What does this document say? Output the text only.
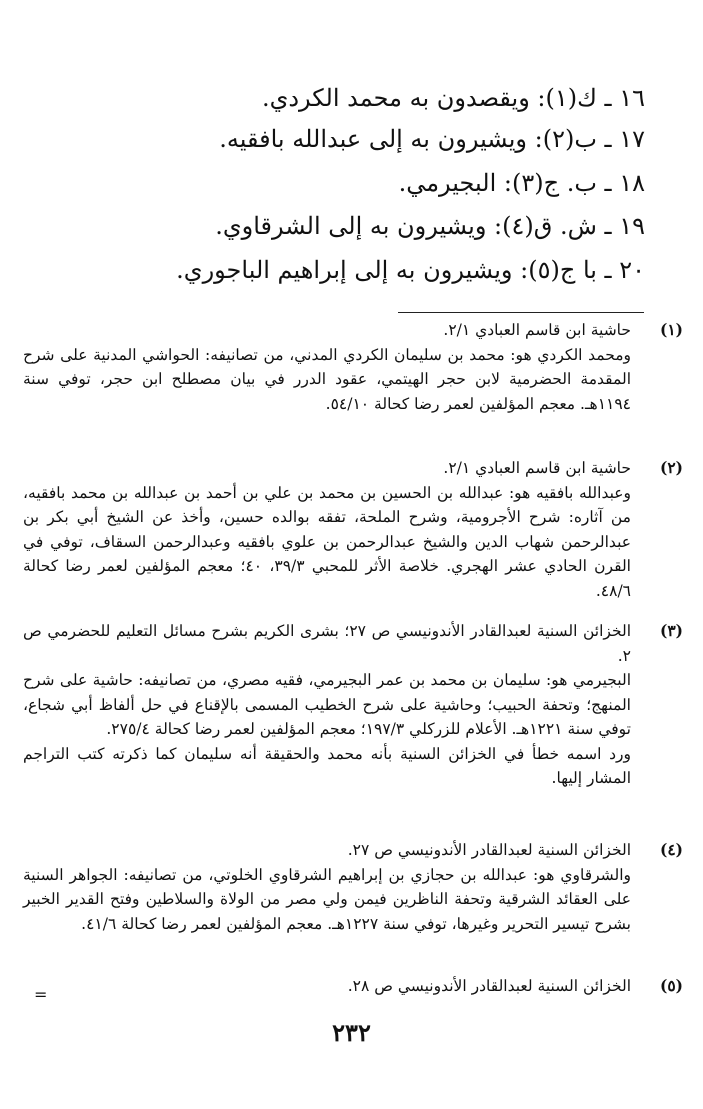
١٦ ـ ك(١): ويقصدون به محمد الكردي.
١٧ ـ ب(٢): ويشيرون به إلى عبدالله بافقيه.
١٨ ـ ب. ج(٣): البجيرمي.
١٩ ـ ش. ق(٤): ويشيرون به إلى الشرقاوي.
٢٠ ـ با ج(٥): ويشيرون به إلى إبراهيم الباجوري.
(١)
حاشية ابن قاسم العبادي ٢/١.
ومحمد الكردي هو: محمد بن سليمان الكردي المدني، من تصانيفه: الحواشي المدنية على شرح المقدمة الحضرمية لابن حجر الهيتمي، عقود الدرر في بيان مصطلح ابن حجر، توفي سنة ١١٩٤هـ. معجم المؤلفين لعمر رضا كحالة ٥٤/١٠.
(٢)
حاشية ابن قاسم العبادي ٢/١.
وعبدالله بافقيه هو: عبدالله بن الحسين بن محمد بن علي بن أحمد بن عبدالله بن محمد بافقيه، من آثاره: شرح الأجرومية، وشرح الملحة، تفقه بوالده حسين، وأخذ عن الشيخ أبي بكر بن عبدالرحمن شهاب الدين والشيخ عبدالرحمن بن علوي بافقيه وعبدالرحمن السقاف، توفي في القرن الحادي عشر الهجري. خلاصة الأثر للمحبي ٣٩/٣، ٤٠؛ معجم المؤلفين لعمر رضا كحالة ٤٨/٦.
(٣)
الخزائن السنية لعبدالقادر الأندونيسي ص ٢٧؛ بشرى الكريم بشرح مسائل التعليم للحضرمي ص ٢.
البجيرمي هو: سليمان بن محمد بن عمر البجيرمي، فقيه مصري، من تصانيفه: حاشية على شرح المنهج؛ وتحفة الحبيب؛ وحاشية على شرح الخطيب المسمى بالإقناع في حل ألفاظ أبي شجاع، توفي سنة ١٢٢١هـ. الأعلام للزركلي ١٩٧/٣؛ معجم المؤلفين لعمر رضا كحالة ٢٧٥/٤.
ورد اسمه خطأ في الخزائن السنية بأنه محمد والحقيقة أنه سليمان كما ذكرته كتب التراجم المشار إليها.
(٤)
الخزائن السنية لعبدالقادر الأندونيسي ص ٢٧.
والشرقاوي هو: عبدالله بن حجازي بن إبراهيم الشرقاوي الخلوتي، من تصانيفه: الجواهر السنية على العقائد الشرقية وتحفة الناظرين فيمن ولي مصر من الولاة والسلاطين وفتح القدير الخبير بشرح تيسير التحرير وغيرها، توفي سنة ١٢٢٧هـ. معجم المؤلفين لعمر رضا كحالة ٤١/٦.
(٥)
الخزائن السنية لعبدالقادر الأندونيسي ص ٢٨.
=
٢٣٢
